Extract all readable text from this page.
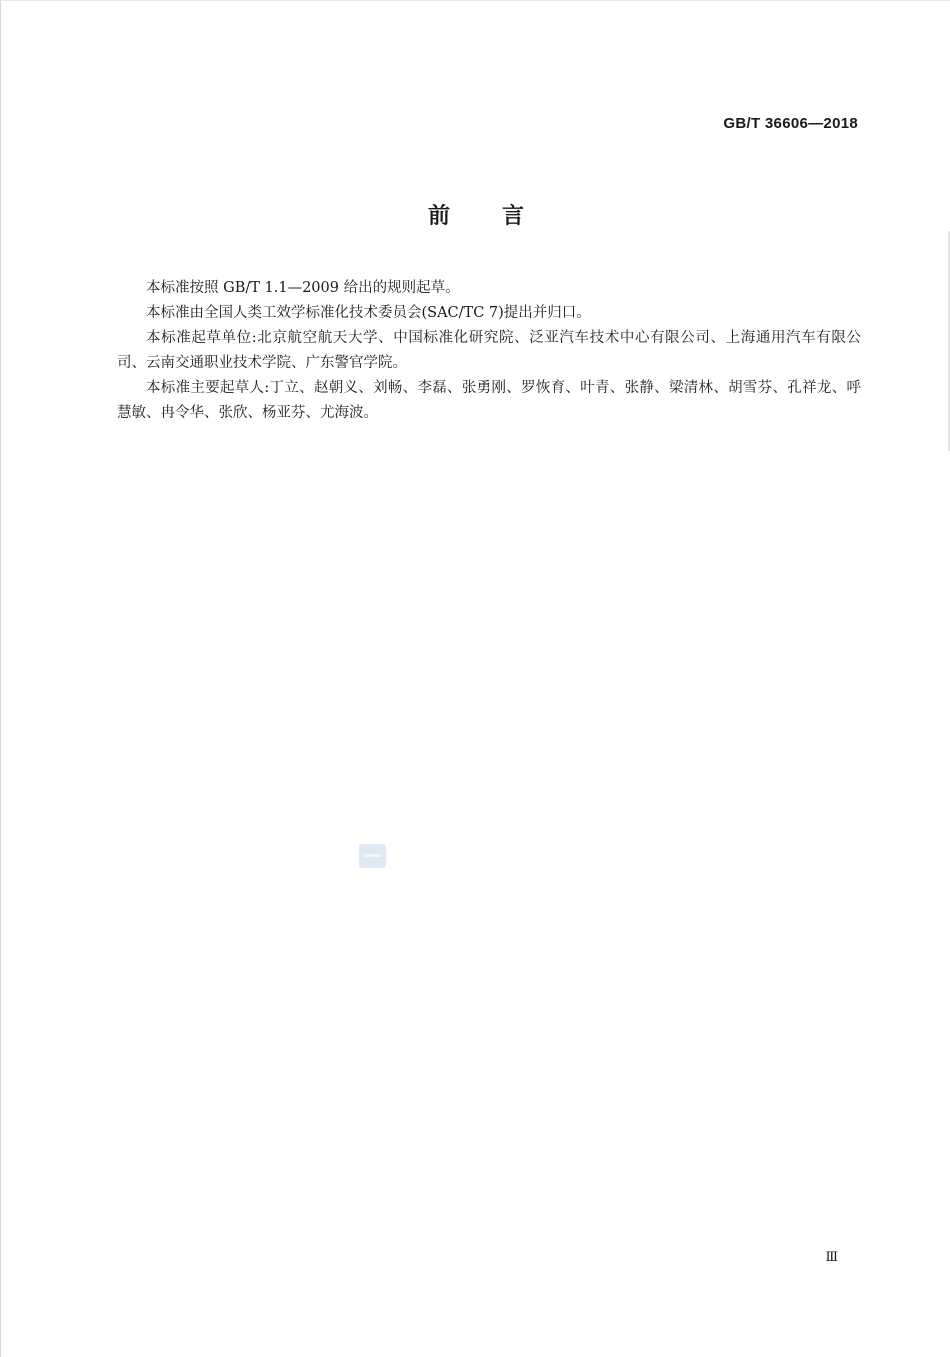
GB/T 36606—2018
前言

本标准按照 GB/T 1.1—2009 给出的规则起草。

本标准由全国人类工效学标准化技术委员会(SAC/TC 7)提出并归口。

本标准起草单位:北京航空航天大学、中国标准化研究院、泛亚汽车技术中心有限公司、上海通用汽车有限公司、云南交通职业技术学院、广东警官学院。

本标准主要起草人:丁立、赵朝义、刘畅、李磊、张勇刚、罗恢育、叶青、张静、梁清林、胡雪芬、孔祥龙、呼慧敏、冉令华、张欣、杨亚芬、尤海波。

Ⅲ
